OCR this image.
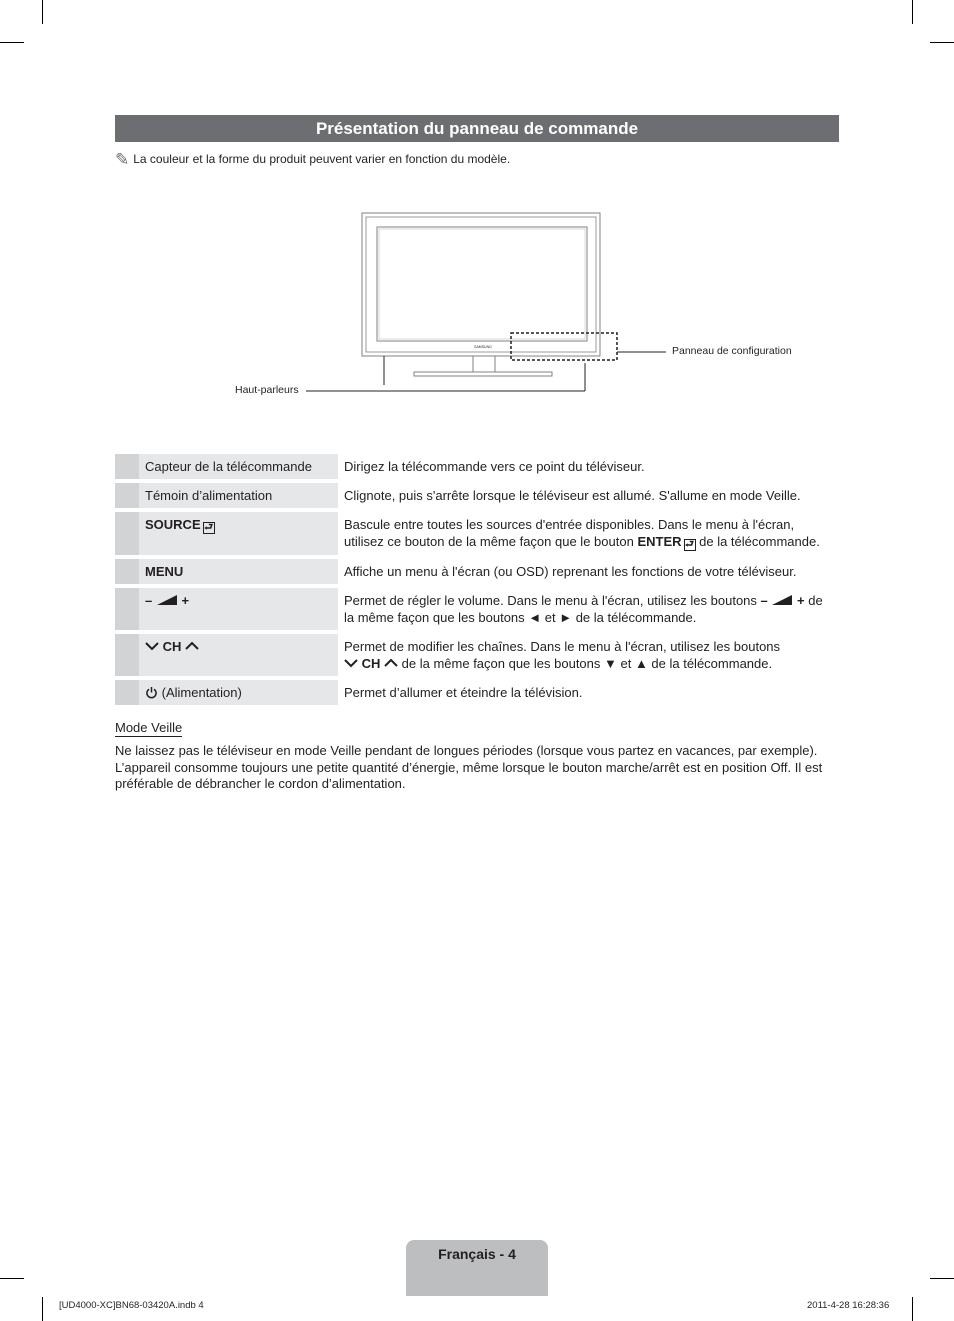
Présentation du panneau de commande
✎ La couleur et la forme du produit peuvent varier en fonction du modèle.
SAMSUNG	Panneau de configuration
Haut-parleurs
	Capteur de la télécommande	Dirigez la télécommande vers ce point du téléviseur.
	Témoin d’alimentation	Clignote, puis s'arrête lorsque le téléviseur est allumé. S'allume en mode Veille.
	SOURCE ⮐	Bascule entre toutes les sources d'entrée disponibles. Dans le menu à l'écran, utilisez ce bouton de la même façon que le bouton ENTER ⮐ de la télécommande.
	MENU	Affiche un menu à l'écran (ou OSD) reprenant les fonctions de votre téléviseur.
	– +	Permet de régler le volume. Dans le menu à l'écran, utilisez les boutons – + de la même façon que les boutons ◄ et ► de la télécommande.
	CH	Permet de modifier les chaînes. Dans le menu à l'écran, utilisez les boutons
CH de la même façon que les boutons ▼ et ▲ de la télécommande.
	(Alimentation)	Permet d’allumer et éteindre la télévision.
Mode Veille
Ne laissez pas le téléviseur en mode Veille pendant de longues périodes (lorsque vous partez en vacances, par exemple). L’appareil consomme toujours une petite quantité d’énergie, même lorsque le bouton marche/arrêt est en position Off. Il est préférable de débrancher le cordon d’alimentation.
Français - 4
[UD4000-XC]BN68-03420A.indb 4	2011-4-28 16:28:36
